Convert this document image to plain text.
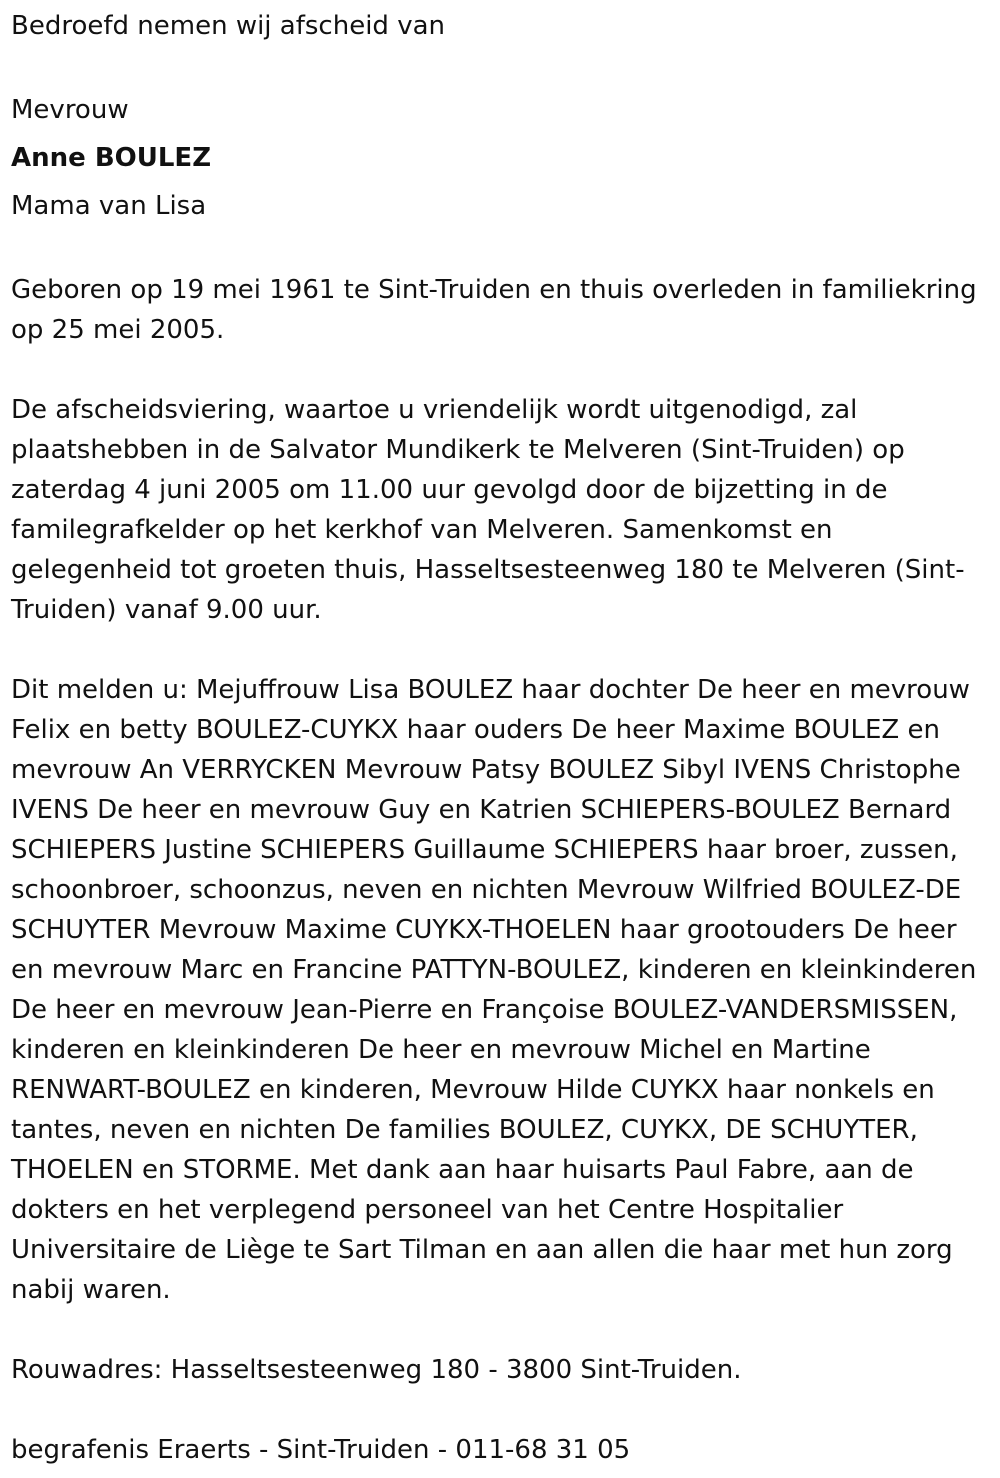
Bedroefd nemen wij afscheid van

Mevrouw

Anne BOULEZ

Mama van Lisa

Geboren op 19 mei 1961 te Sint-Truiden en thuis overleden in familiekring op 25 mei 2005.

De afscheidsviering, waartoe u vriendelijk wordt uitgenodigd, zal plaatshebben in de Salvator Mundikerk te Melveren (Sint-Truiden) op zaterdag 4 juni 2005 om 11.00 uur gevolgd door de bijzetting in de familegrafkelder op het kerkhof van Melveren. Samenkomst en gelegenheid tot groeten thuis, Hasseltsesteenweg 180 te Melveren (Sint-Truiden) vanaf 9.00 uur.

Dit melden u: Mejuffrouw Lisa BOULEZ haar dochter De heer en mevrouw Felix en betty BOULEZ-CUYKX haar ouders De heer Maxime BOULEZ en mevrouw An VERRYCKEN Mevrouw Patsy BOULEZ Sibyl IVENS Christophe IVENS De heer en mevrouw Guy en Katrien SCHIEPERS-BOULEZ Bernard SCHIEPERS Justine SCHIEPERS Guillaume SCHIEPERS haar broer, zussen, schoonbroer, schoonzus, neven en nichten Mevrouw Wilfried BOULEZ-DE SCHUYTER Mevrouw Maxime CUYKX-THOELEN haar grootouders De heer en mevrouw Marc en Francine PATTYN-BOULEZ, kinderen en kleinkinderen De heer en mevrouw Jean-Pierre en Françoise BOULEZ-VANDERSMISSEN, kinderen en kleinkinderen De heer en mevrouw Michel en Martine RENWART-BOULEZ en kinderen, Mevrouw Hilde CUYKX haar nonkels en tantes, neven en nichten De families BOULEZ, CUYKX, DE SCHUYTER, THOELEN en STORME. Met dank aan haar huisarts Paul Fabre, aan de dokters en het verplegend personeel van het Centre Hospitalier Universitaire de Liège te Sart Tilman en aan allen die haar met hun zorg nabij waren.

Rouwadres: Hasseltsesteenweg 180 - 3800 Sint-Truiden.

begrafenis Eraerts - Sint-Truiden - 011-68 31 05
